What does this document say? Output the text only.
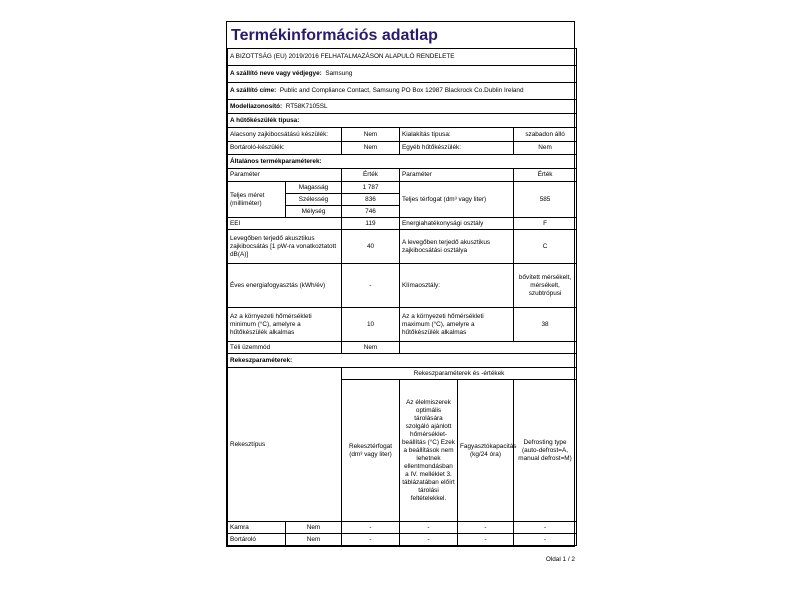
Termékinformációs adatlap
A BIZOTTSÁG (EU) 2019/2016 FELHATALMAZÁSON ALAPULÓ RENDELETE					
A szállító neve vagy védjegye: Samsung					
A szállító címe: Public and Compliance Contact, Samsung PO Box 12987 Blackrock Co.Dublin Ireland					
Modellazonosító: RT58K7105SL					
A hűtőkészülék típusa:					
Alacsony zajkibocsátású készülék:		Nem	Kialakítás típusa:		szabadon álló
Bortároló-készülék:		Nem	Egyéb hűtőkészülék:		Nem
Általános termékparaméterek:					
Paraméter		Érték	Paraméter		Érték
Teljes méret (milliméter)	Magasság	1 787	Teljes térfogat (dm³ vagy liter)		585
	Szélesség	836			
	Mélység	746			
EEI		119	Energiahatékonysági osztály		F
Levegőben terjedő akusztikus zajkibocsátás [1 pW-ra vonatkoztatott dB(A)]		40	A levegőben terjedő akusztikus zajkibocsátási osztálya		C
Éves energiafogyasztás (kWh/év)		-	Klímaosztály:		bővített mérsékelt, mérsékelt, szubtrópusi
Az a környezeti hőmérsékleti minimum (°C), amelyre a hűtőkészülék alkalmas		10	Az a környezeti hőmérsékleti maximum (°C), amelyre a hűtőkészülék alkalmas		38
Téli üzemmód		Nem			
Rekeszparaméterek:					
Rekesztípus		Rekeszparaméterek és -értékek			
		Rekesztérfogat (dm³ vagy liter)	Az élelmiszerek optimális tárolására szolgáló ajánlott hőmérséklet-beállítás (°C) Ezek a beállítások nem lehetnek ellentmondásban a IV. melléklet 3. táblázatában előírt tárolási feltételekkel.	Fagyasztókapacitás (kg/24 óra)	Defrosting type (auto-defrost=A, manual defrost=M)
Kamra	Nem	-	-	-	-
Bortároló	Nem	-	-	-	-
Oldal 1 / 2
